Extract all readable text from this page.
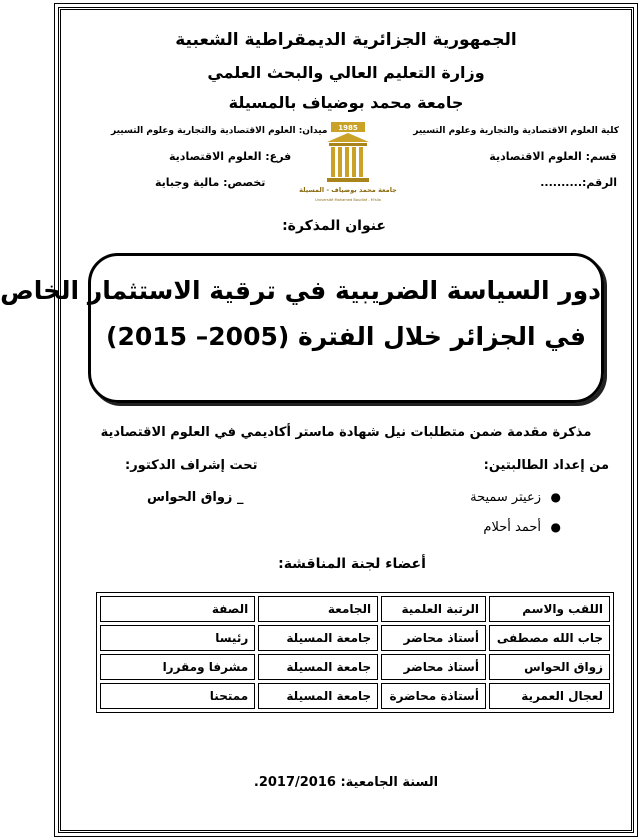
الجمهورية الجزائرية الديمقراطية الشعبية
وزارة التعليم العالي والبحث العلمي
جامعة محمد بوضياف بالمسيلة
ميدان: العلوم الاقتصادية والتجارية وعلوم التسيير
فرع: العلوم الاقتصادية
تخصص: مالية وجباية
كلية العلوم الاقتصادية والتجارية وعلوم التسيير
قسم: العلوم الاقتصادية
الرقم:..........
1985
جامعة محمد بوضياف - المسيلة
Université Mohamed Boudiaf - M'sila
عنوان المذكرة:
دور السياسة الضريبية في ترقية الاستثمار الخاص
في الجزائر خلال الفترة (2005– 2015)
مذكرة مقدمة ضمن متطلبات نيل شهادة ماستر أكاديمي في العلوم الاقتصادية
من إعداد الطالبتين:
تحت إشراف الدكتور:
●
زعيتر سميحة
●
أحمد أحلام
_ زواق الحواس
أعضاء لجنة المناقشة:
اللقب والاسم	الرتبة العلمية	الجامعة	الصفة
جاب الله مصطفى	أستاذ محاضر	جامعة المسيلة	رئيسا
زواق الحواس	أستاذ محاضر	جامعة المسيلة	مشرفا ومقررا
لعجال العمرية	أستاذة محاضرة	جامعة المسيلة	ممتحنا
السنة الجامعية: 2017/2016.
